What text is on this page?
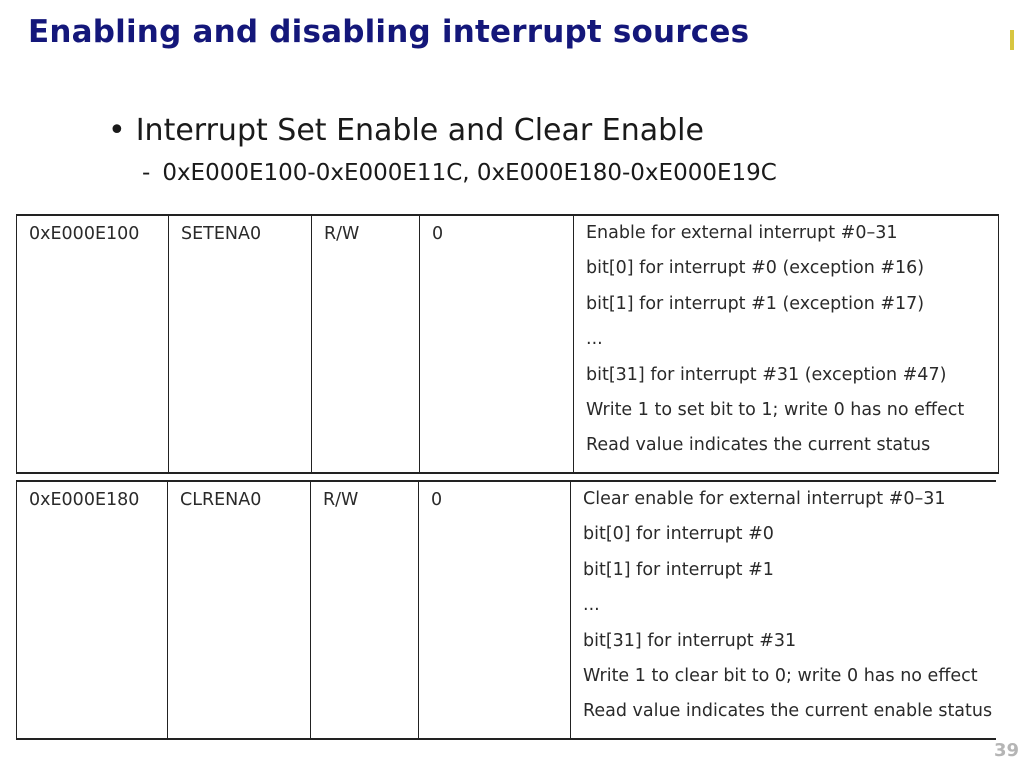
Enabling and disabling interrupt sources
• Interrupt Set Enable and Clear Enable
- 0xE000E100-0xE000E11C, 0xE000E180-0xE000E19C
0xE000E100	SETENA0	R/W	0	Enable for external interrupt #0–31
bit[0] for interrupt #0 (exception #16)
bit[1] for interrupt #1 (exception #17)
...
bit[31] for interrupt #31 (exception #47)
Write 1 to set bit to 1; write 0 has no effect
Read value indicates the current status
0xE000E180	CLRENA0	R/W	0	Clear enable for external interrupt #0–31
bit[0] for interrupt #0
bit[1] for interrupt #1
...
bit[31] for interrupt #31
Write 1 to clear bit to 0; write 0 has no effect
Read value indicates the current enable status
39
